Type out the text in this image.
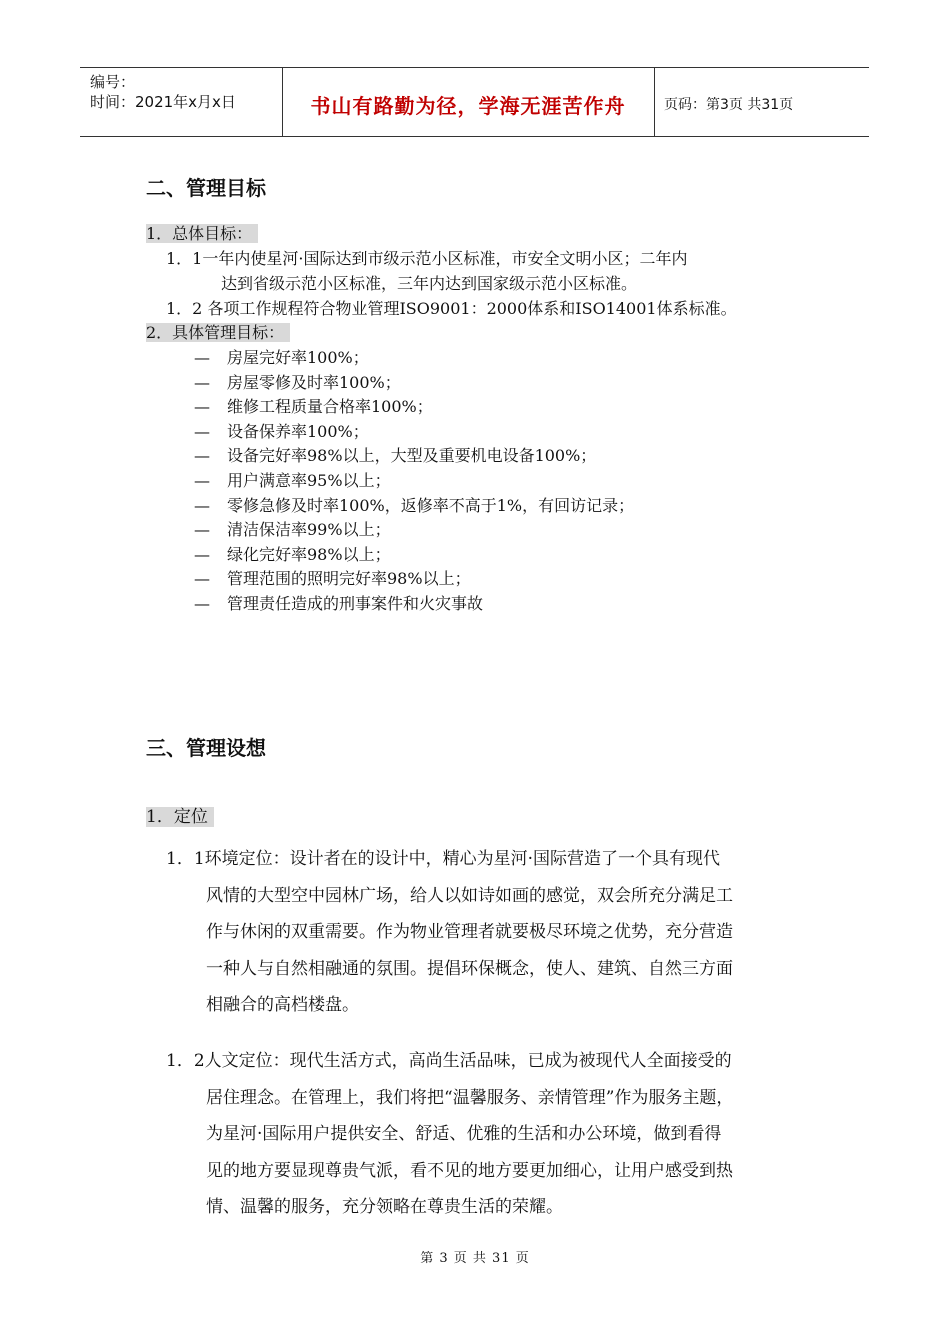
编号：
时间：2021年x月x日	书山有路勤为径，学海无涯苦作舟	页码：第3页 共31页
二、管理目标
1．总体目标：
1．1一年内使星河·国际达到市级示范小区标准，市安全文明小区；二年内
达到省级示范小区标准，三年内达到国家级示范小区标准。
1．2 各项工作规程符合物业管理ISO9001：2000体系和ISO14001体系标准。
2．具体管理目标：
— 房屋完好率100%；
— 房屋零修及时率100%；
— 维修工程质量合格率100%；
— 设备保养率100%；
— 设备完好率98%以上，大型及重要机电设备100%；
— 用户满意率95%以上；
— 零修急修及时率100%，返修率不高于1%，有回访记录；
— 清洁保洁率99%以上；
— 绿化完好率98%以上；
— 管理范围的照明完好率98%以上；
— 管理责任造成的刑事案件和火灾事故
三、管理设想
1．定位
1．1环境定位：设计者在的设计中，精心为星河·国际营造了一个具有现代
风情的大型空中园林广场，给人以如诗如画的感觉，双会所充分满足工
作与休闲的双重需要。作为物业管理者就要极尽环境之优势，充分营造
一种人与自然相融通的氛围。提倡环保概念，使人、建筑、自然三方面
相融合的高档楼盘。
1．2人文定位：现代生活方式，高尚生活品味，已成为被现代人全面接受的
居住理念。在管理上，我们将把“温馨服务、亲情管理”作为服务主题，
为星河·国际用户提供安全、舒适、优雅的生活和办公环境，做到看得
见的地方要显现尊贵气派，看不见的地方要更加细心，让用户感受到热
情、温馨的服务，充分领略在尊贵生活的荣耀。
第 3 页 共 31 页
